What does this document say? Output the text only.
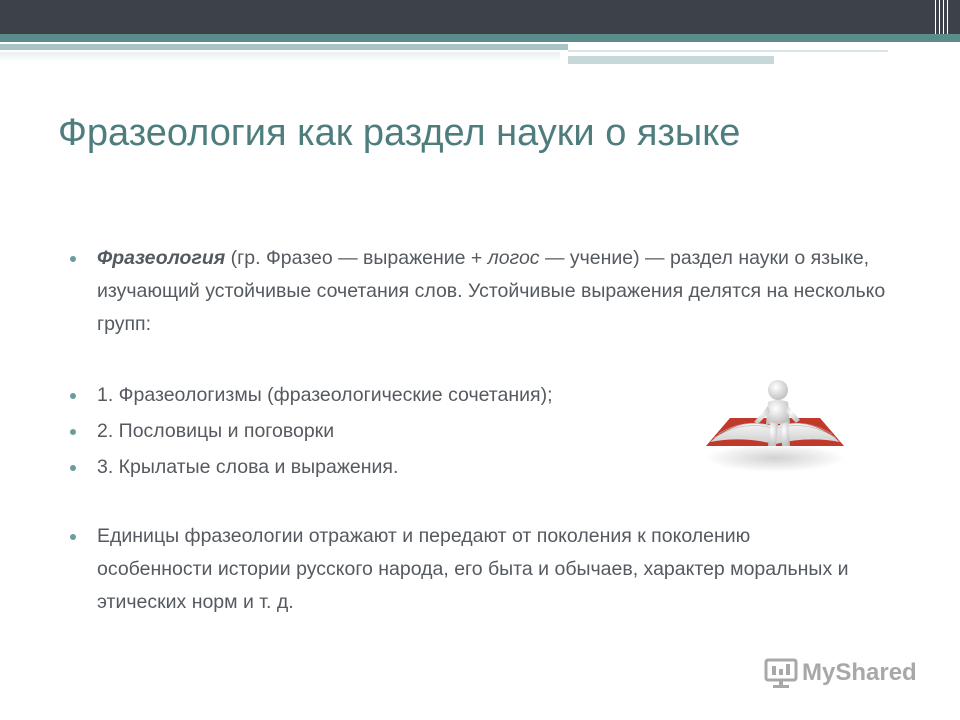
Фразеология как раздел науки о языке
Фразеология (гр. Фразео — выражение + логос — учение) — раздел науки о языке, изучающий устойчивые сочетания слов. Устойчивые выражения делятся на несколько групп:
1. Фразеологизмы (фразеологические сочетания);
2. Пословицы и поговорки
3. Крылатые слова и выражения.
Единицы фразеологии отражают и передают от поколения к поколению особенности истории русского народа, его быта и обычаев, характер моральных и этических норм и т. д.
MyShared
